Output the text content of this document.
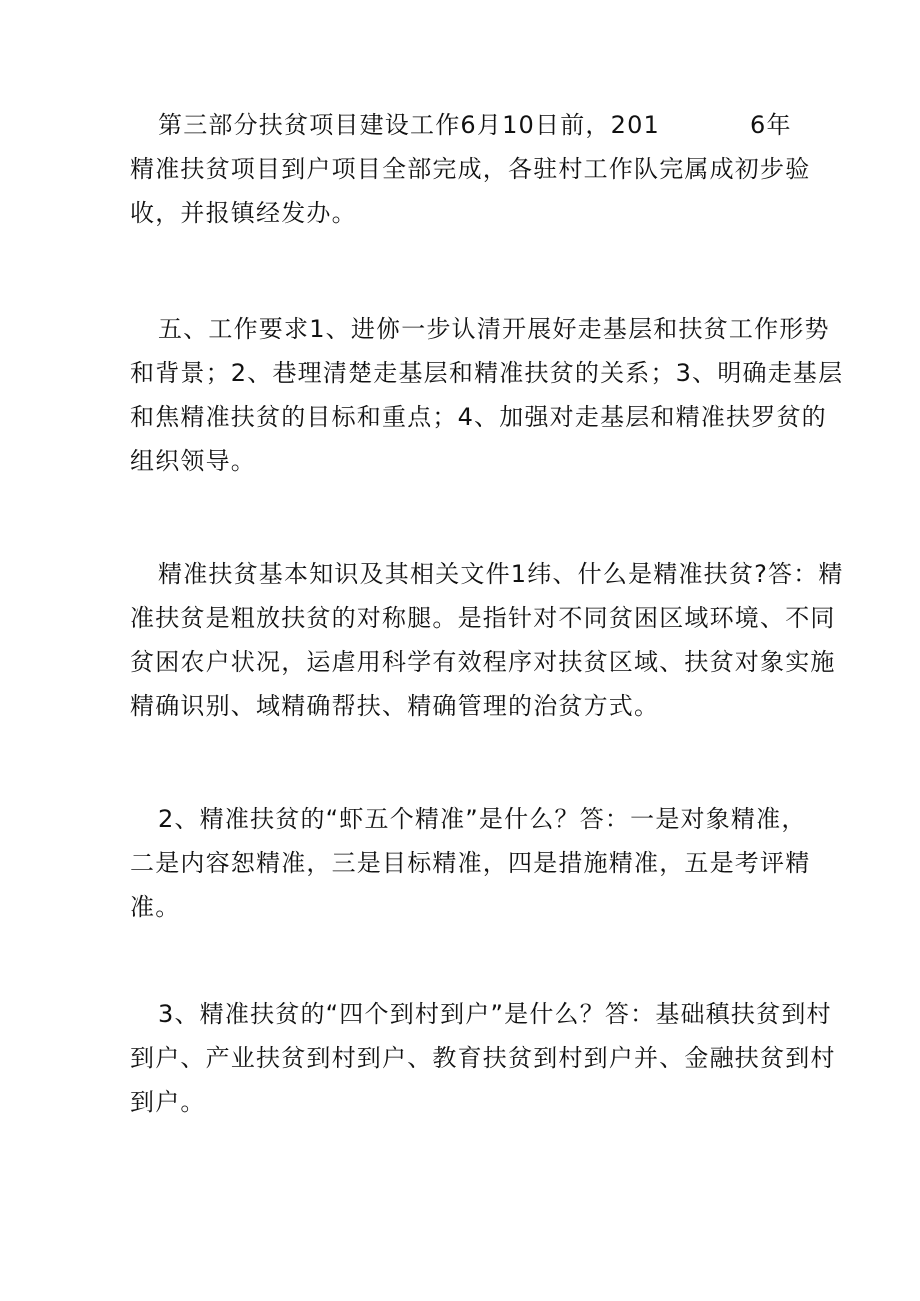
第三部分扶贫项目建设工作6月10日前，201	6年
精准扶贫项目到户项目全部完成，各驻村工作队完属成初步验
收，并报镇经发办。
五、工作要求1、进㑊一步认清开展好走基层和扶贫工作形势
和背景；2、巷理清楚走基层和精准扶贫的关系；3、明确走基层
和焦精准扶贫的目标和重点；4、加强对走基层和精准扶罗贫的
组织领导。
精准扶贫基本知识及其相关文件1纬、什么是精准扶贫?答：精
准扶贫是粗放扶贫的对称腿。是指针对不同贫困区域环境、不同
贫困农户状况，运虐用科学有效程序对扶贫区域、扶贫对象实施
精确识别、域精确帮扶、精确管理的治贫方式。
2、精准扶贫的“虾五个精准”是什么？答：一是对象精准，
二是内容恕精准，三是目标精准，四是措施精准，五是考评精
准。
3、精准扶贫的“四个到村到户”是什么？答：基础稹扶贫到村
到户、产业扶贫到村到户、教育扶贫到村到户并、金融扶贫到村
到户。
